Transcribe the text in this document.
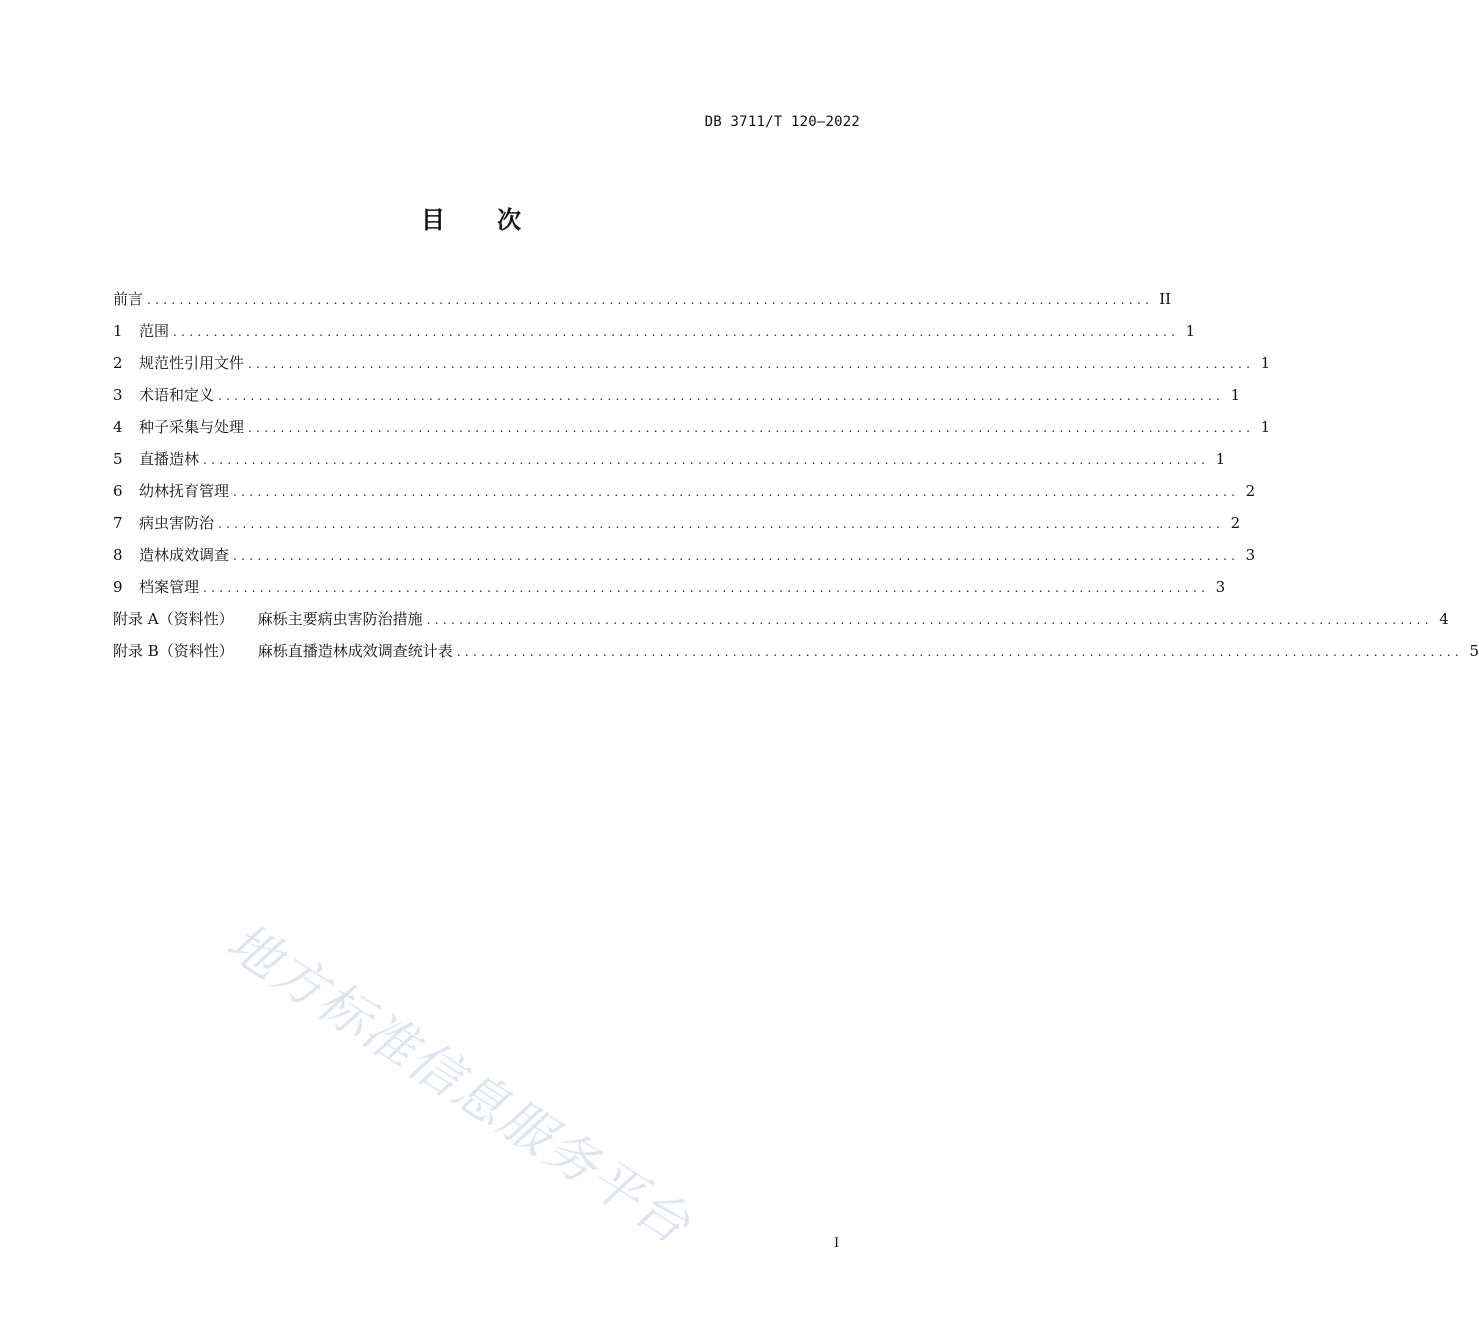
DB 3711/T 120—2022
目次
前言 ............................................................................................................................ II
1	范围 ............................................................................................................................ 1
2	规范性引用文件 ............................................................................................................................ 1
3	术语和定义 ............................................................................................................................ 1
4	种子采集与处理 ............................................................................................................................ 1
5	直播造林 ............................................................................................................................ 1
6	幼林抚育管理 ............................................................................................................................ 2
7	病虫害防治 ............................................................................................................................ 2
8	造林成效调查 ............................................................................................................................ 3
9	档案管理 ............................................................................................................................ 3
附录 A（资料性） 麻栎主要病虫害防治措施 ............................................................................................................................ 4
附录 B（资料性） 麻栎直播造林成效调查统计表 ............................................................................................................................ 5
地方标准信息服务平台	I
